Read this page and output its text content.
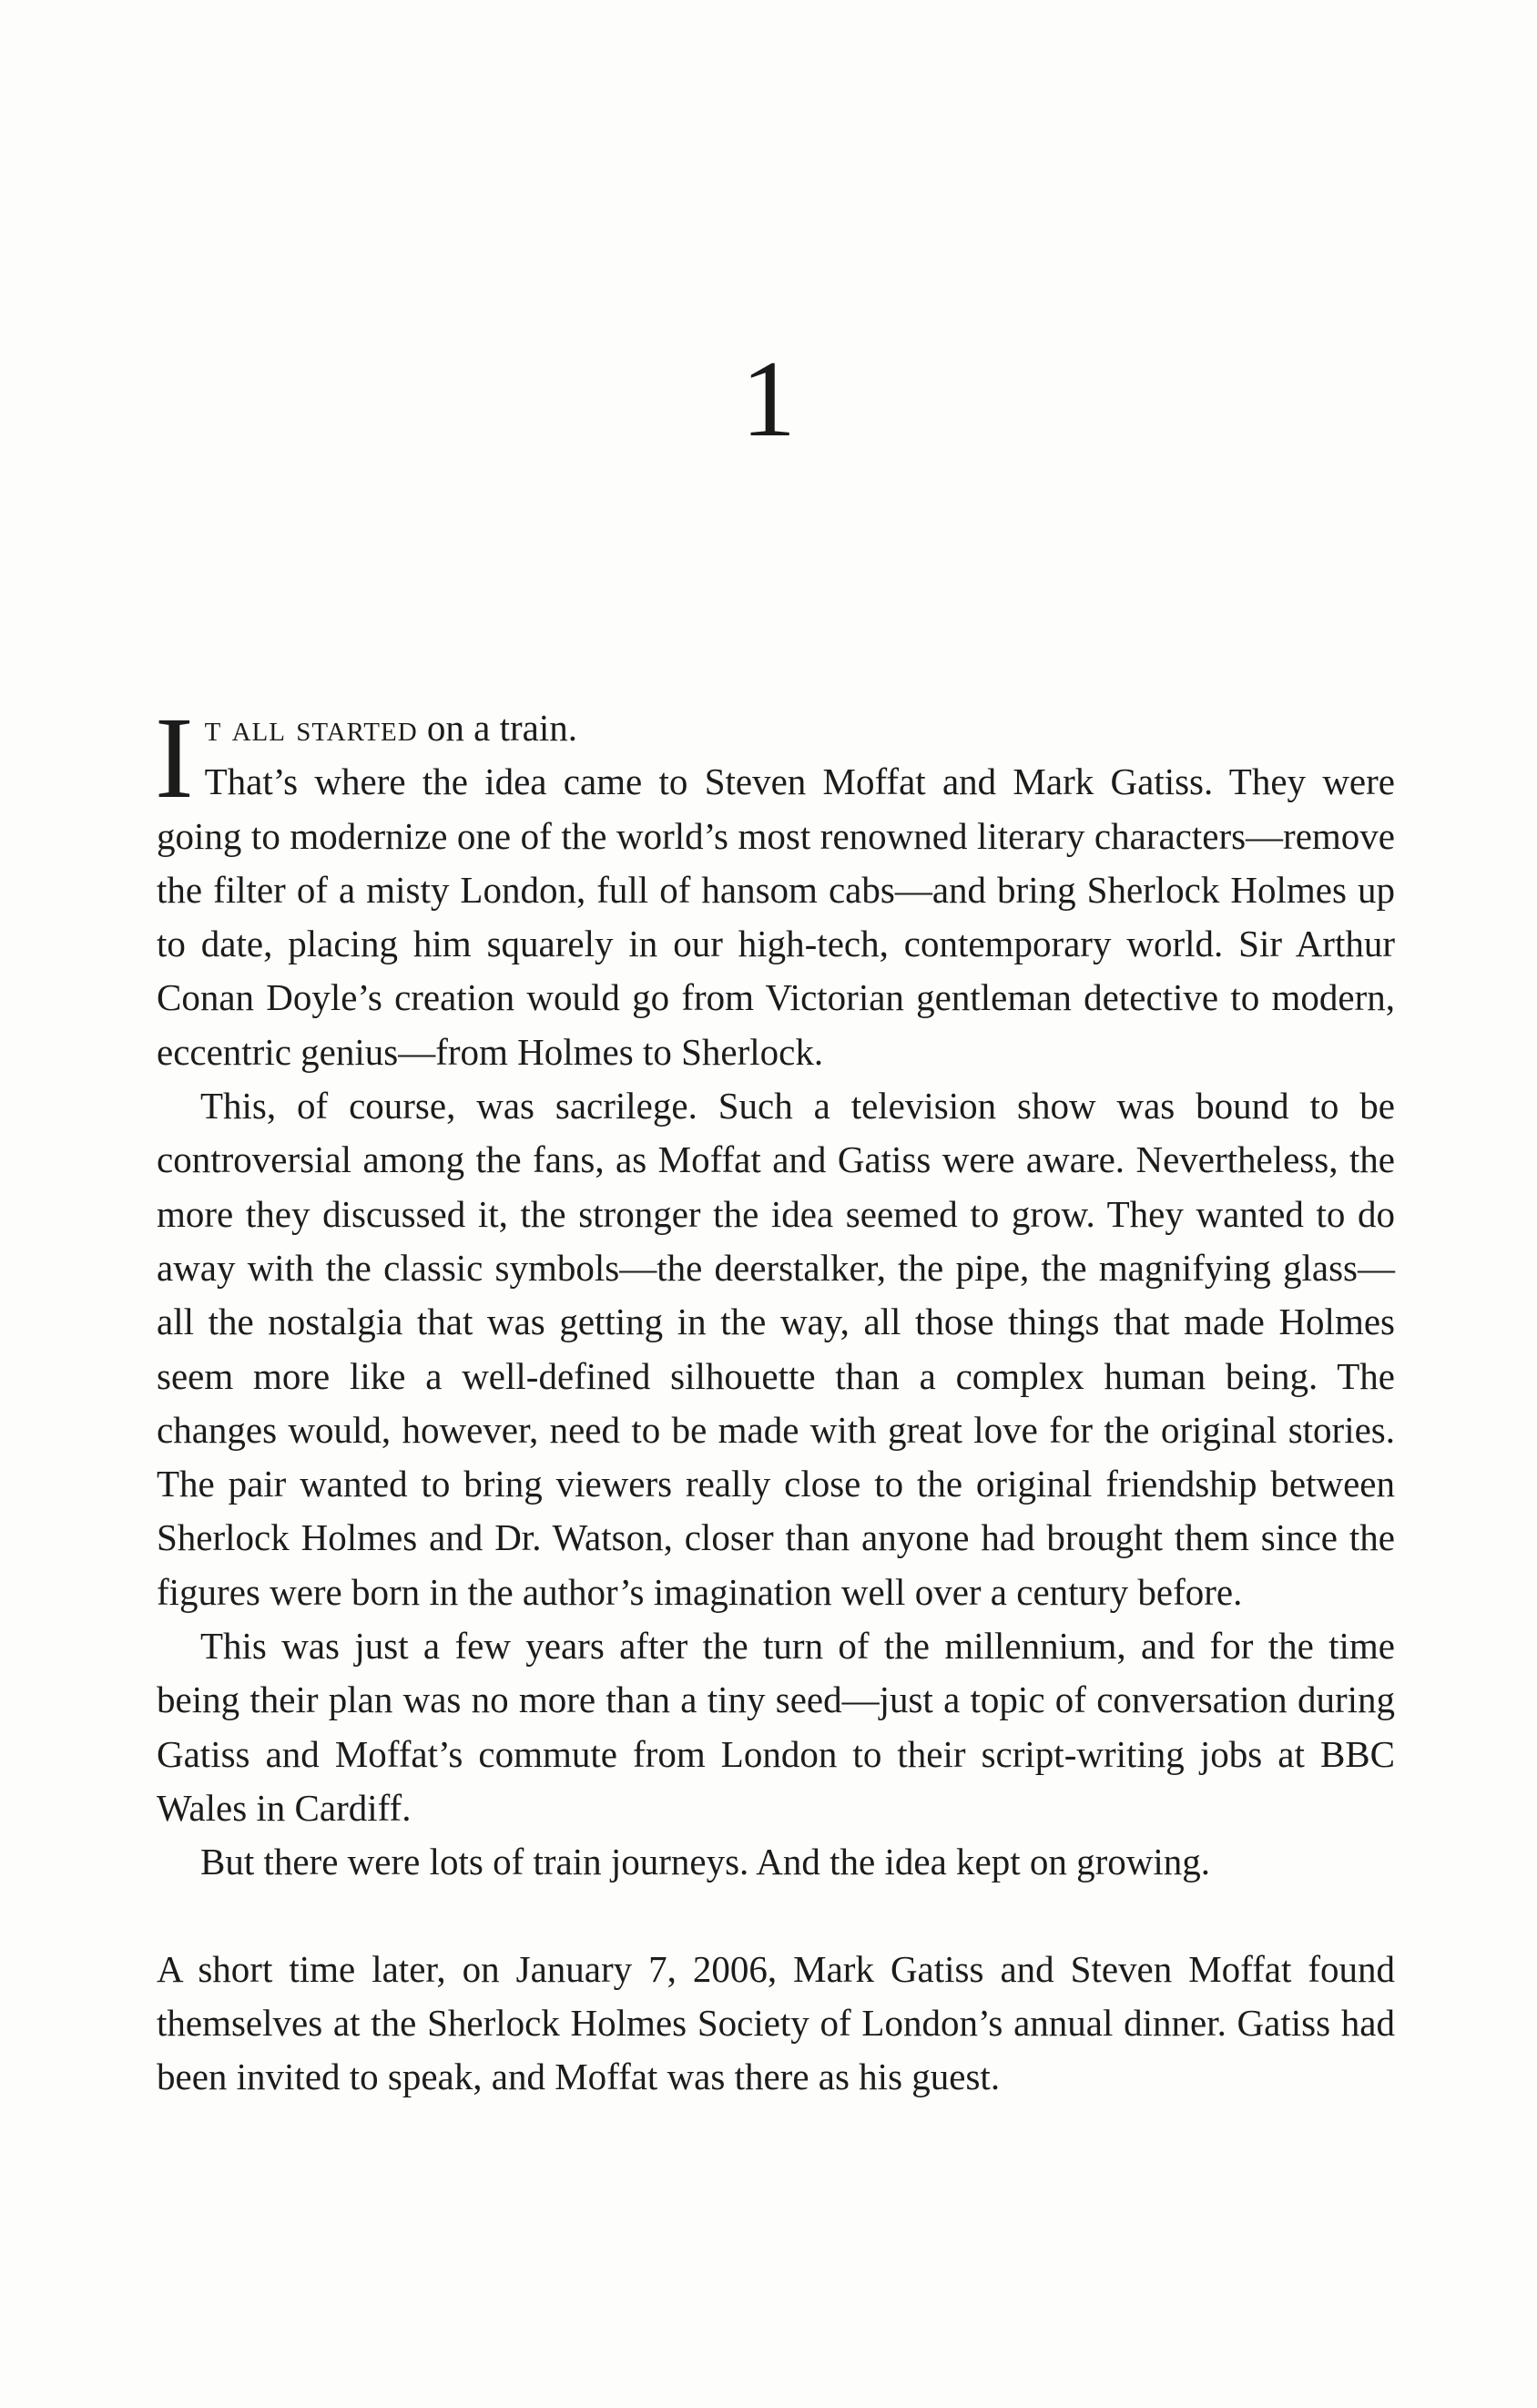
1

It all started on a train.

That’s where the idea came to Steven Moffat and Mark Gatiss. They were going to modernize one of the world’s most renowned literary characters—remove the filter of a misty London, full of hansom cabs—and bring Sherlock Holmes up to date, placing him squarely in our high-tech, contemporary world. Sir Arthur Conan Doyle’s creation would go from Victorian gentleman detective to modern, eccentric genius—from Holmes to Sherlock.

This, of course, was sacrilege. Such a television show was bound to be controversial among the fans, as Moffat and Gatiss were aware. Nevertheless, the more they discussed it, the stronger the idea seemed to grow. They wanted to do away with the classic symbols—the deerstalker, the pipe, the magnifying glass—all the nostalgia that was getting in the way, all those things that made Holmes seem more like a well-defined silhouette than a complex human being. The changes would, however, need to be made with great love for the original stories. The pair wanted to bring viewers really close to the original friendship between Sherlock Holmes and Dr. Watson, closer than anyone had brought them since the figures were born in the author’s imagination well over a century before.

This was just a few years after the turn of the millennium, and for the time being their plan was no more than a tiny seed—just a topic of conversation during Gatiss and Moffat’s commute from London to their script-writing jobs at BBC Wales in Cardiff.

But there were lots of train journeys. And the idea kept on growing.

A short time later, on January 7, 2006, Mark Gatiss and Steven Moffat found themselves at the Sherlock Holmes Society of London’s annual dinner. Gatiss had been invited to speak, and Moffat was there as his guest.
